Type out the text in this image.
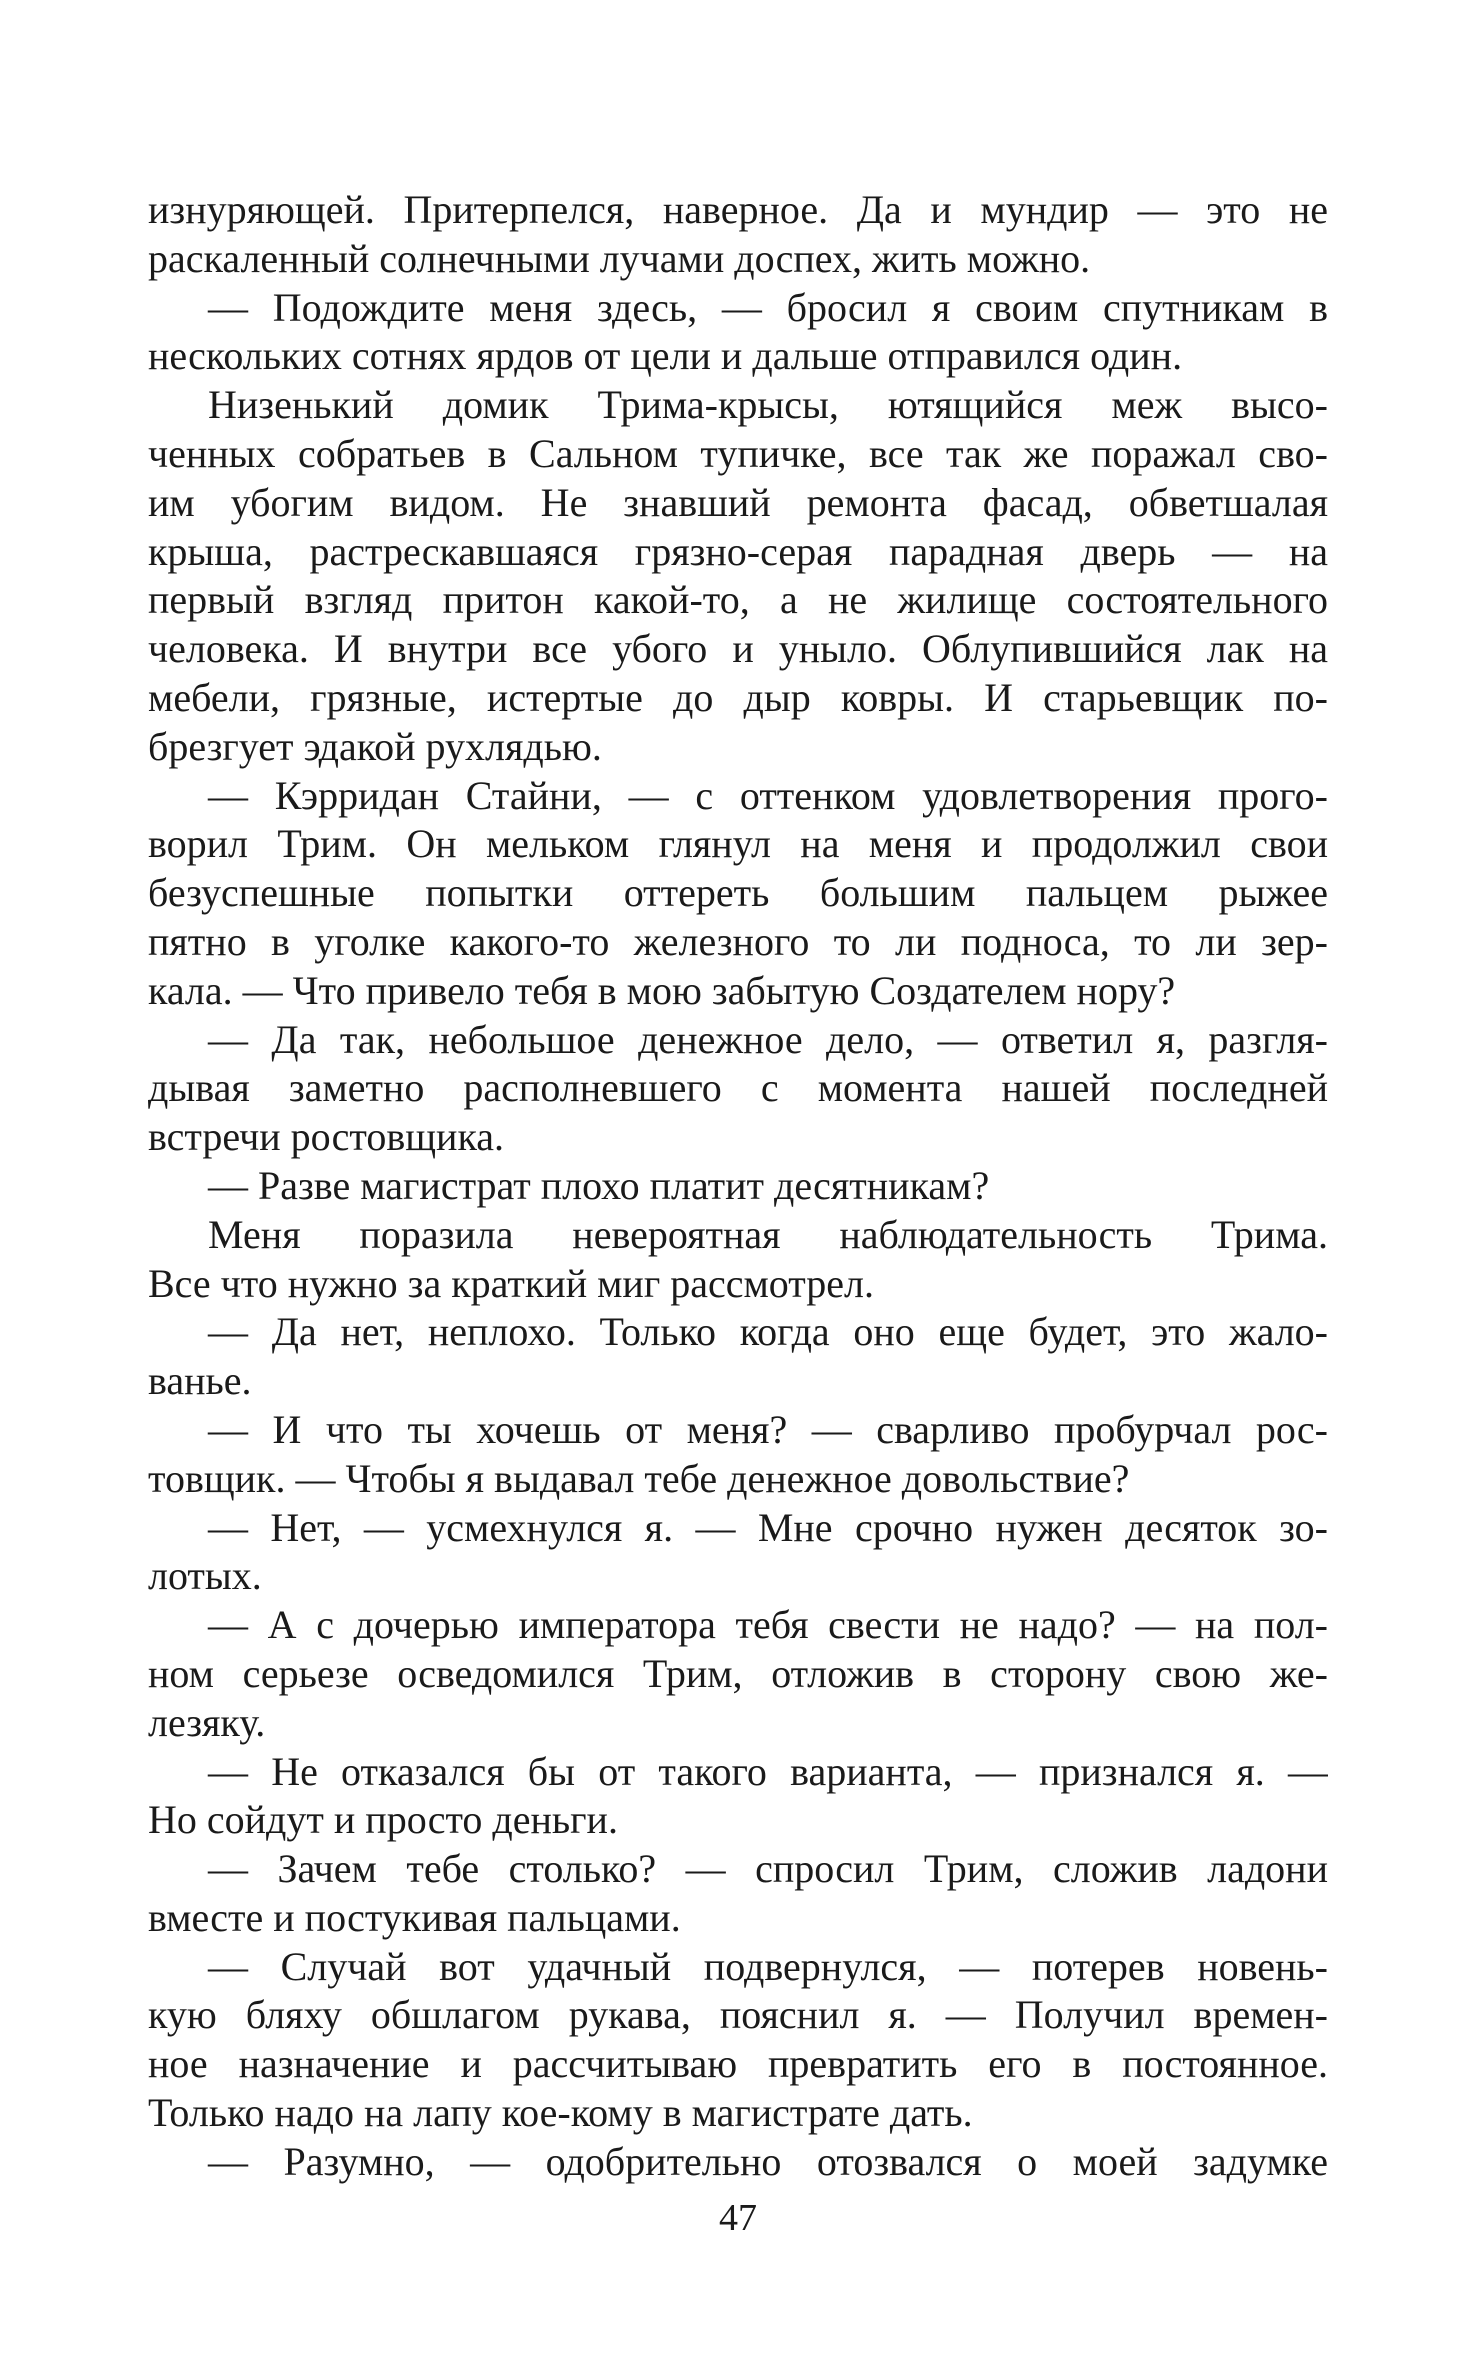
изнуряющей. Притерпелся, наверное. Да и мундир — это не
раскаленный солнечными лучами доспех, жить можно.
— Подождите меня здесь, — бросил я своим спутникам в
нескольких сотнях ярдов от цели и дальше отправился один.
Низенький домик Трима-крысы, ютящийся меж высо-
ченных собратьев в Сальном тупичке, все так же поражал сво-
им убогим видом. Не знавший ремонта фасад, обветшалая
крыша, растрескавшаяся грязно-серая парадная дверь — на
первый взгляд притон какой-то, а не жилище состоятельного
человека. И внутри все убого и уныло. Облупившийся лак на
мебели, грязные, истертые до дыр ковры. И старьевщик по-
брезгует эдакой рухлядью.
— Кэрридан Стайни, — с оттенком удовлетворения прого-
ворил Трим. Он мельком глянул на меня и продолжил свои
безуспешные попытки оттереть большим пальцем рыжее
пятно в уголке какого-то железного то ли подноса, то ли зер-
кала. — Что привело тебя в мою забытую Создателем нору?
— Да так, небольшое денежное дело, — ответил я, разгля-
дывая заметно располневшего с момента нашей последней
встречи ростовщика.
— Разве магистрат плохо платит десятникам?
Меня поразила невероятная наблюдательность Трима.
Все что нужно за краткий миг рассмотрел.
— Да нет, неплохо. Только когда оно еще будет, это жало-
ванье.
— И что ты хочешь от меня? — сварливо пробурчал рос-
товщик. — Чтобы я выдавал тебе денежное довольствие?
— Нет, — усмехнулся я. — Мне срочно нужен десяток зо-
лотых.
— А с дочерью императора тебя свести не надо? — на пол-
ном серьезе осведомился Трим, отложив в сторону свою же-
лезяку.
— Не отказался бы от такого варианта, — признался я. —
Но сойдут и просто деньги.
— Зачем тебе столько? — спросил Трим, сложив ладони
вместе и постукивая пальцами.
— Случай вот удачный подвернулся, — потерев новень-
кую бляху обшлагом рукава, пояснил я. — Получил времен-
ное назначение и рассчитываю превратить его в постоянное.
Только надо на лапу кое-кому в магистрате дать.
— Разумно, — одобрительно отозвался о моей задумке
47
